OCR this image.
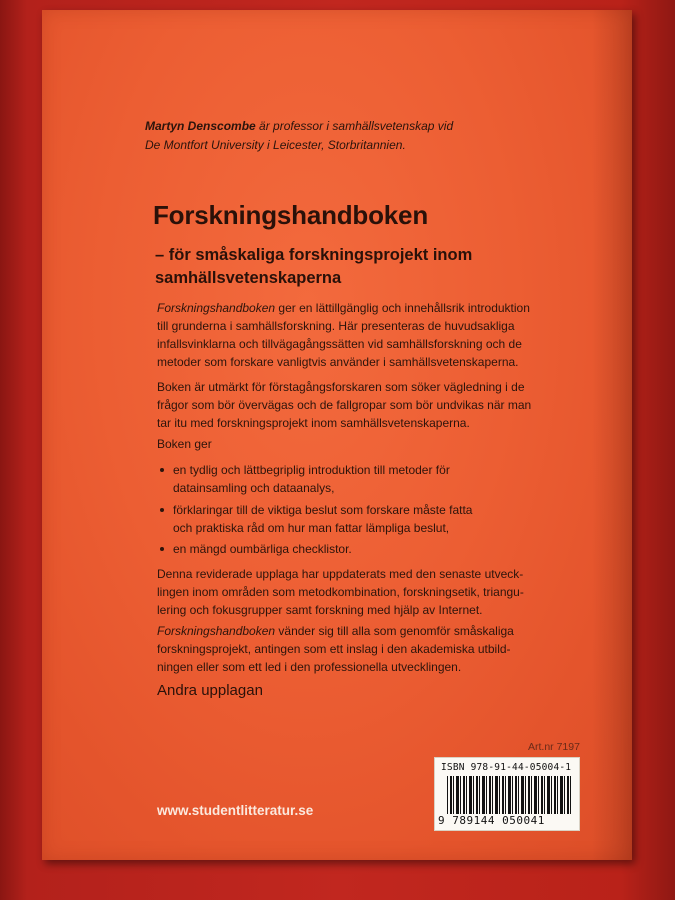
Martyn Denscombe är professor i samhällsvetenskap vid
De Montfort University i Leicester, Storbritannien.
Forskningshandboken
– för småskaliga forskningsprojekt inom
samhällsvetenskaperna
Forskningshandboken ger en lättillgänglig och innehållsrik introduktion
till grunderna i samhällsforskning. Här presenteras de huvudsakliga
infallsvinklarna och tillvägagångssätten vid samhällsforskning och de
metoder som forskare vanligtvis använder i samhällsvetenskaperna.
Boken är utmärkt för förstagångsforskaren som söker vägledning i de
frågor som bör övervägas och de fallgropar som bör undvikas när man
tar itu med forskningsprojekt inom samhällsvetenskaperna.
Boken ger
en tydlig och lättbegriplig introduktion till metoder för
datainsamling och dataanalys,
förklaringar till de viktiga beslut som forskare måste fatta
och praktiska råd om hur man fattar lämpliga beslut,
en mängd oumbärliga checklistor.
Denna reviderade upplaga har uppdaterats med den senaste utveck-
lingen inom områden som metodkombination, forskningsetik, triangu-
lering och fokusgrupper samt forskning med hjälp av Internet.
Forskningshandboken vänder sig till alla som genomför småskaliga
forskningsprojekt, antingen som ett inslag i den akademiska utbild-
ningen eller som ett led i den professionella utvecklingen.
Andra upplagan
Art.nr 7197
ISBN 978-91-44-05004-1
9 789144 050041
www.studentlitteratur.se
